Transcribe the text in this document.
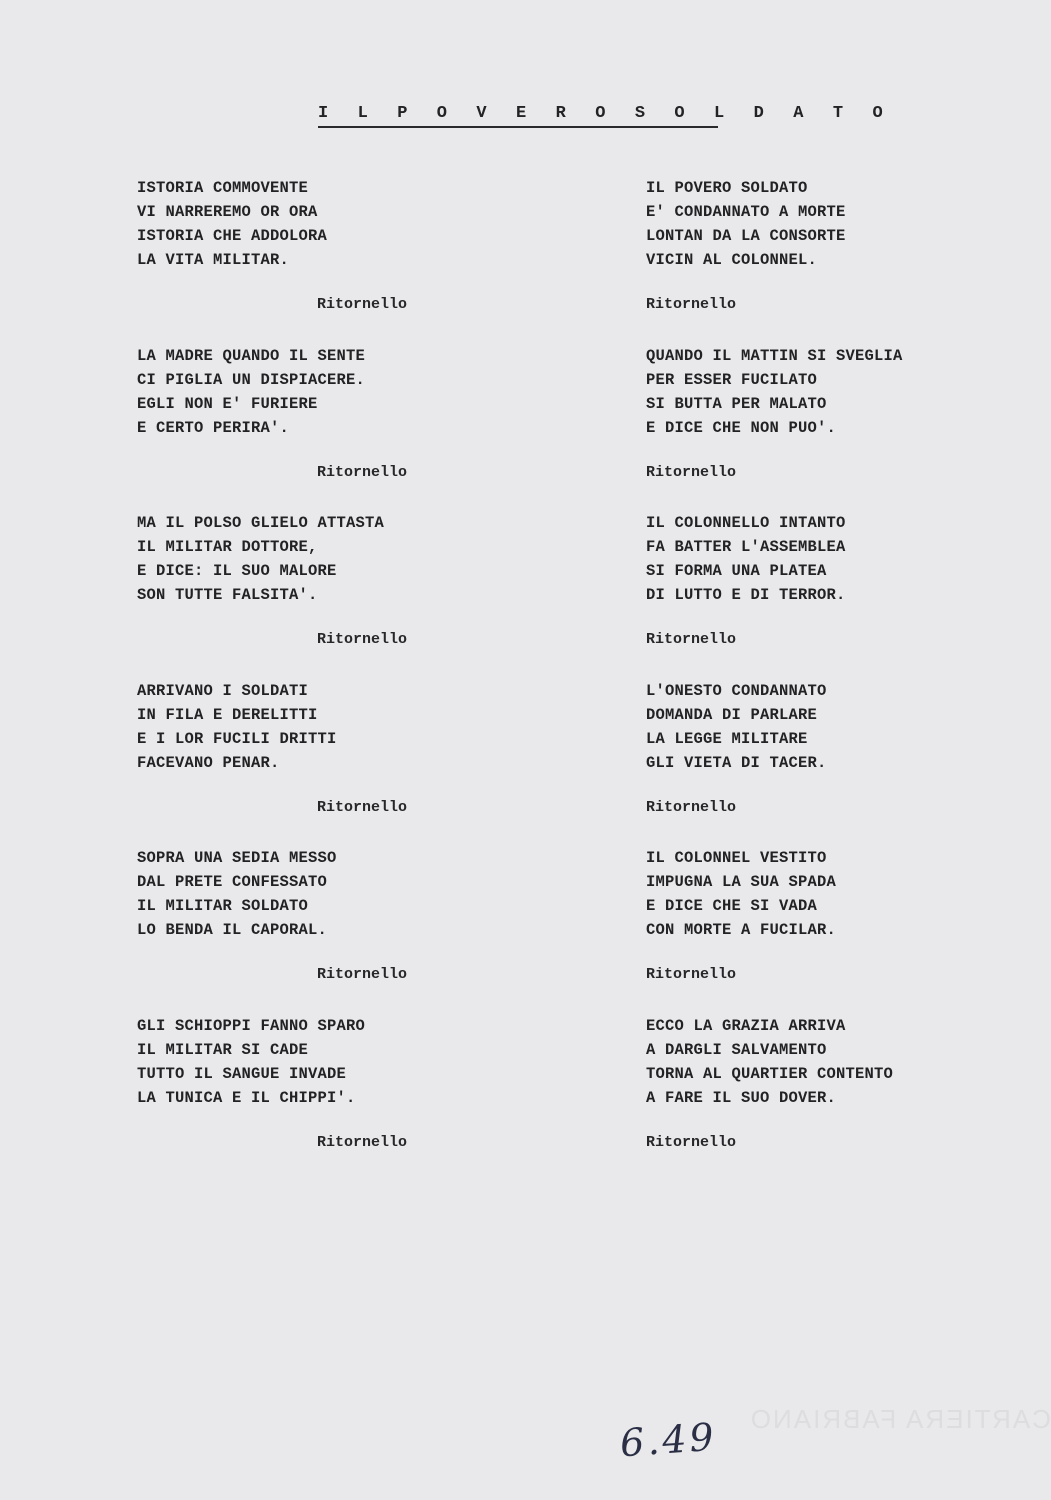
I L P O V E R O S O L D A T O
ISTORIA COMMOVENTE
VI NARREREMO OR ORA
ISTORIA CHE ADDOLORA
LA VITA MILITAR.
Ritornello
LA MADRE QUANDO IL SENTE
CI PIGLIA UN DISPIACERE.
EGLI NON E' FURIERE
E CERTO PERIRA'.
Ritornello
MA IL POLSO GLIELO ATTASTA
IL MILITAR DOTTORE,
E DICE: IL SUO MALORE
SON TUTTE FALSITA'.
Ritornello
ARRIVANO I SOLDATI
IN FILA E DERELITTI
E I LOR FUCILI DRITTI
FACEVANO PENAR.
Ritornello
SOPRA UNA SEDIA MESSO
DAL PRETE CONFESSATO
IL MILITAR SOLDATO
LO BENDA IL CAPORAL.
Ritornello
GLI SCHIOPPI FANNO SPARO
IL MILITAR SI CADE
TUTTO IL SANGUE INVADE
LA TUNICA E IL CHIPPI'.
Ritornello
IL POVERO SOLDATO
E' CONDANNATO A MORTE
LONTAN DA LA CONSORTE
VICIN AL COLONNEL.
Ritornello
QUANDO IL MATTIN SI SVEGLIA
PER ESSER FUCILATO
SI BUTTA PER MALATO
E DICE CHE NON PUO'.
Ritornello
IL COLONNELLO INTANTO
FA BATTER L'ASSEMBLEA
SI FORMA UNA PLATEA
DI LUTTO E DI TERROR.
Ritornello
L'ONESTO CONDANNATO
DOMANDA DI PARLARE
LA LEGGE MILITARE
GLI VIETA DI TACER.
Ritornello
IL COLONNEL VESTITO
IMPUGNA LA SUA SPADA
E DICE CHE SI VADA
CON MORTE A FUCILAR.
Ritornello
ECCO LA GRAZIA ARRIVA
A DARGLI SALVAMENTO
TORNA AL QUARTIER CONTENTO
A FARE IL SUO DOVER.
Ritornello
CARTIERA FABRIANO
6.49
